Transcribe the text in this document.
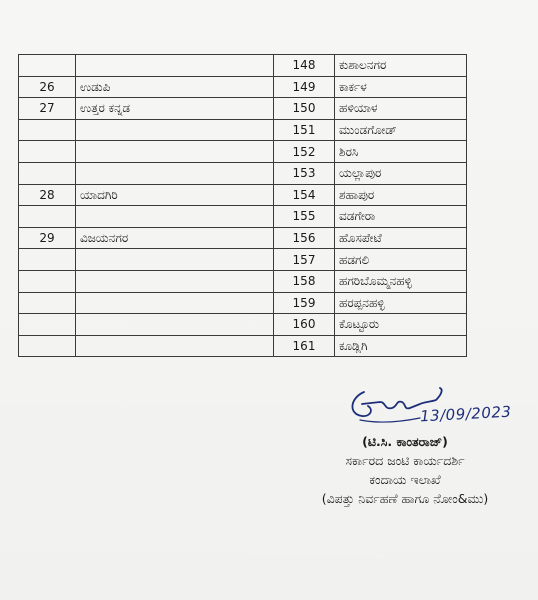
		148	ಕುಶಾಲನಗರ
26	ಉಡುಪಿ	149	ಕಾರ್ಕಳ
27	ಉತ್ತರ ಕನ್ನಡ	150	ಹಳಿಯಾಳ
		151	ಮುಂಡಗೋಡ್
		152	ಶಿರಸಿ
		153	ಯಲ್ಲಾಪುರ
28	ಯಾದಗಿರಿ	154	ಶಹಾಪುರ
		155	ವಡಗೇರಾ
29	ವಿಜಯನಗರ	156	ಹೊಸಪೇಟೆ
		157	ಹಡಗಲಿ
		158	ಹಗರಿಬೊಮ್ಮನಹಳ್ಳಿ
		159	ಹರಪ್ಪನಹಳ್ಳಿ
		160	ಕೊಟ್ಟೂರು
		161	ಕೂಡ್ಲಿಗಿ
13/09/2023
(ಟಿ.ಸಿ. ಕಾಂತರಾಜ್)
ಸರ್ಕಾರದ ಜಂಟಿ ಕಾರ್ಯದರ್ಶಿ
ಕಂದಾಯ ಇಲಾಖೆ
(ವಿಪತ್ತು ನಿರ್ವಹಣೆ ಹಾಗೂ ನೋಂ&ಮು)
